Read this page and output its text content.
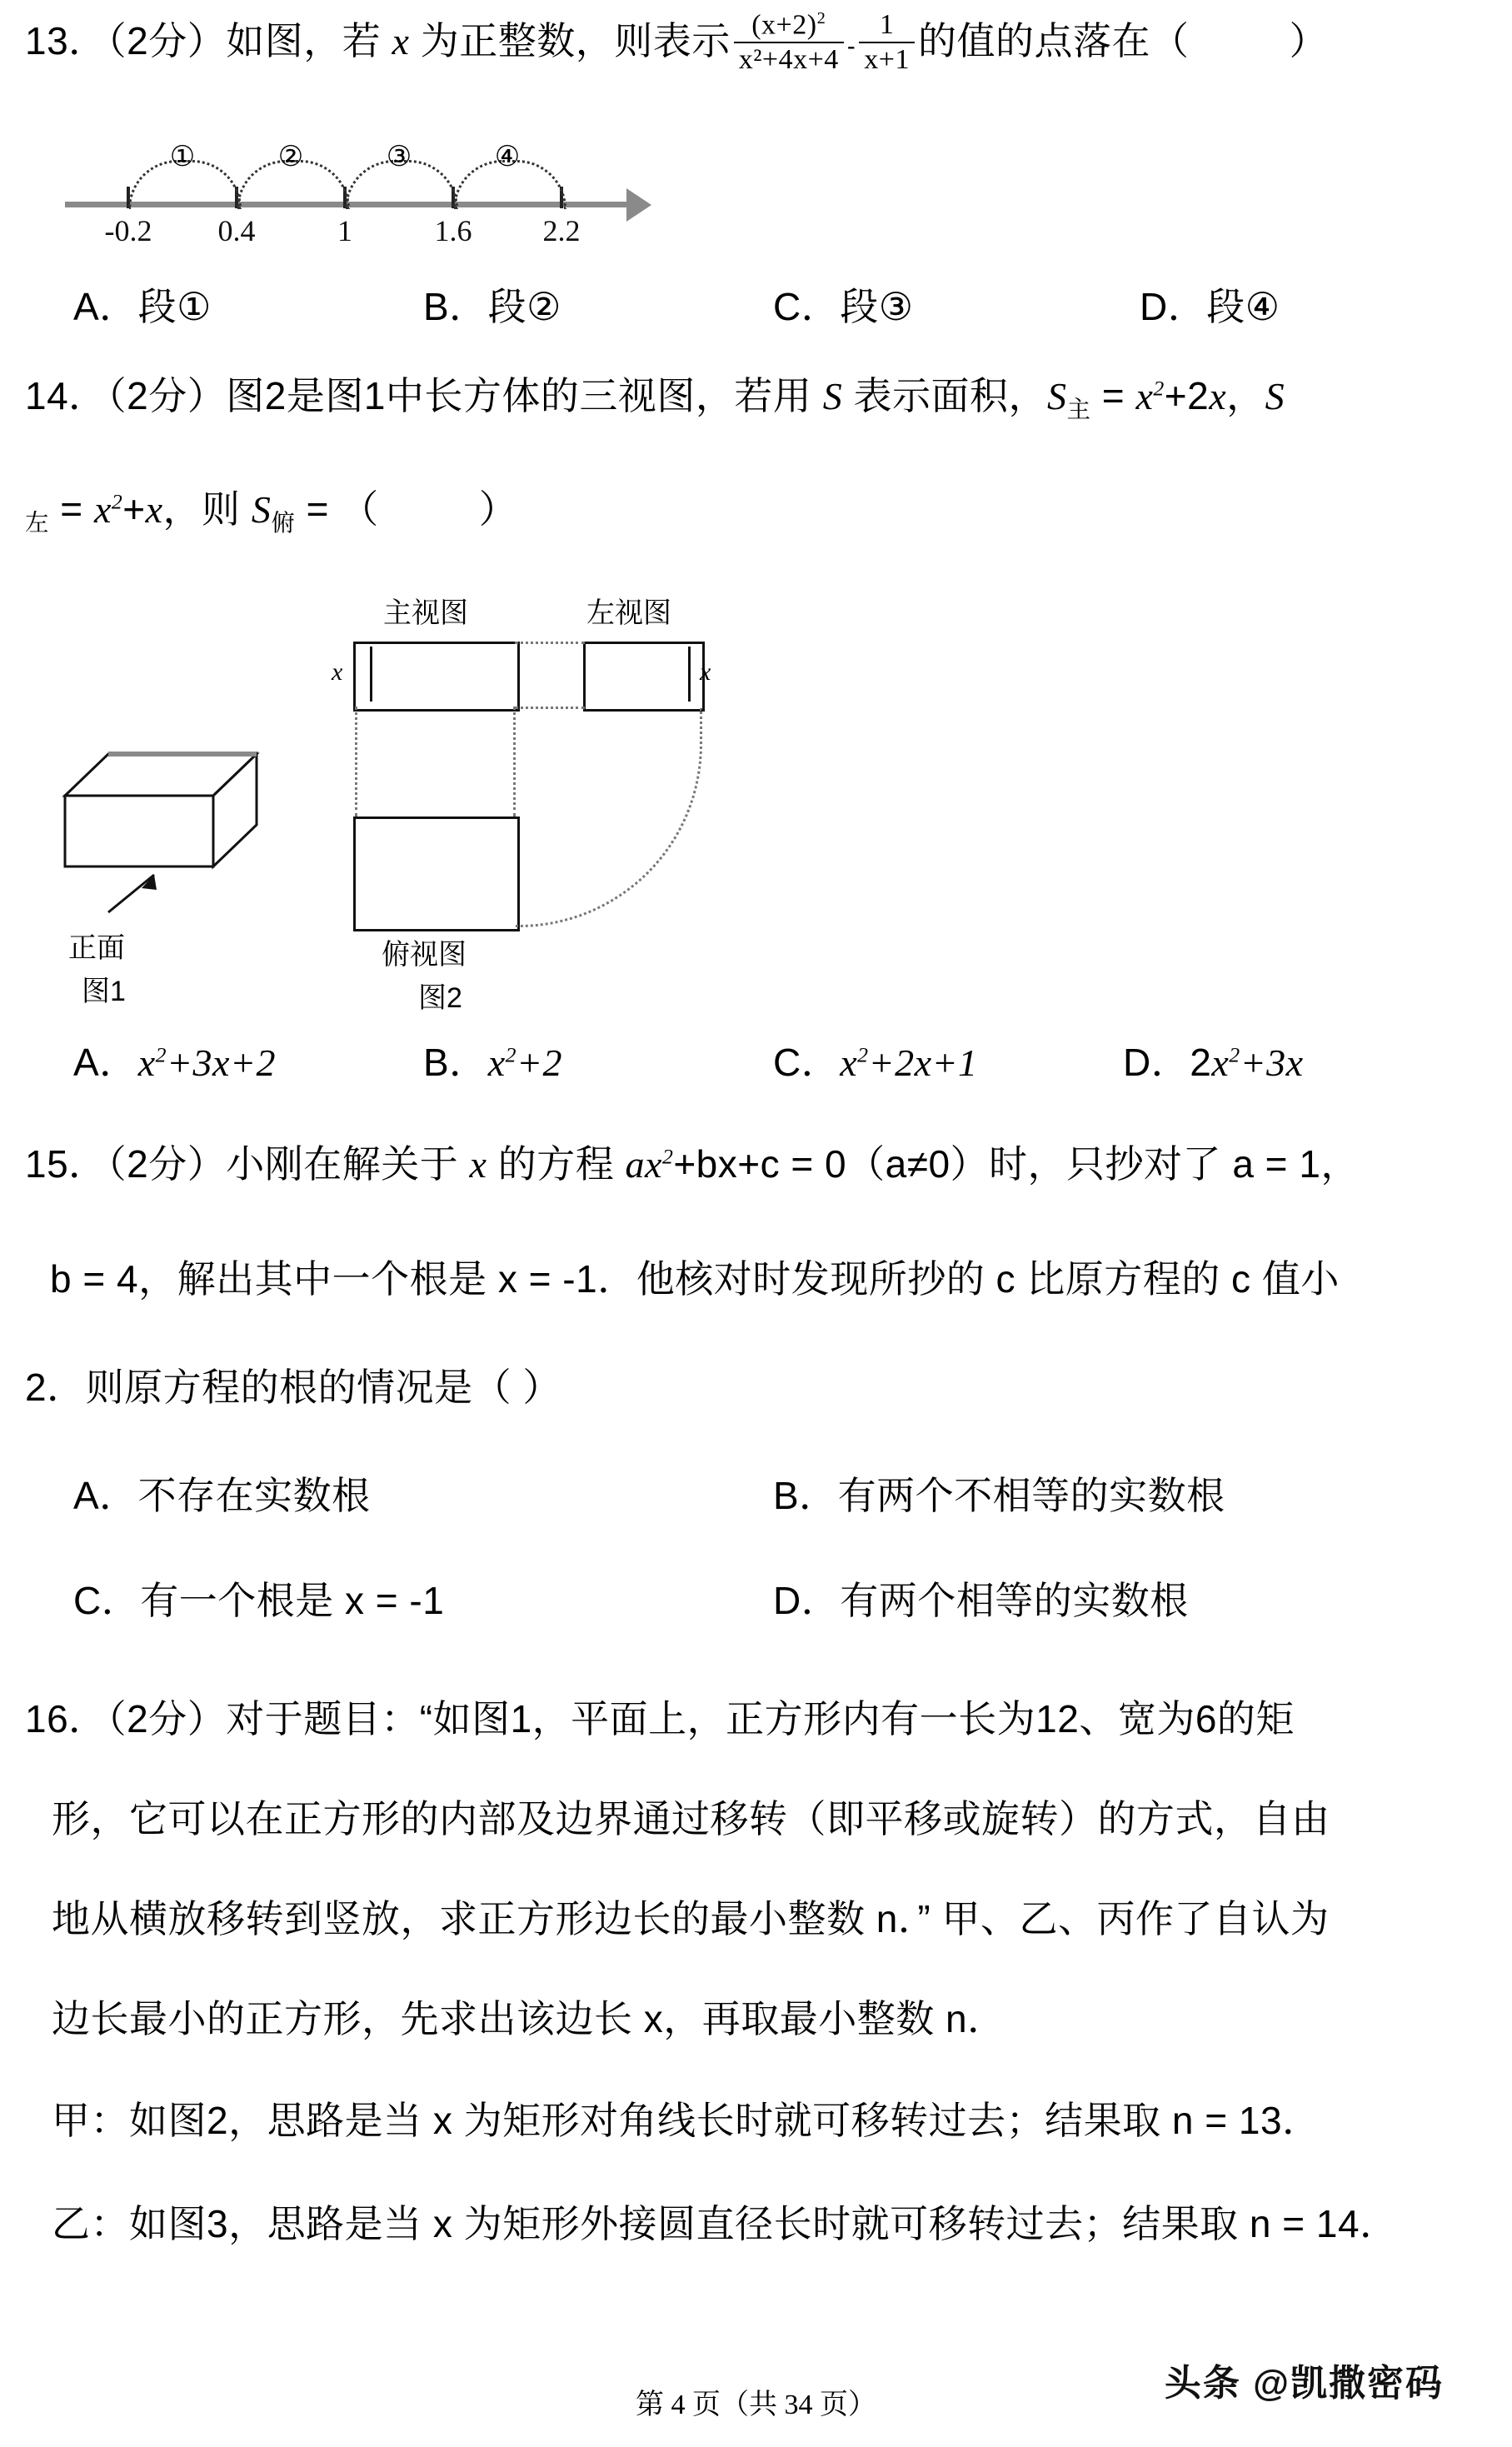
13．（2分）如图，若 x 为正整数，则表示 $\frac{(x+2)^2}{\text{x²+4x+4}} - \frac{1}{x+1}$ 的值的点落在（	）
-0.2 0.4	1	1.6 2.2
①	②	③	④
A．段①	B．段②	C．段③	D．段④
14．（2分）图2是图1中长方体的三视图，若用 S 表示面积，$S_主 = x^2+2x$，S
$_左 = x^2+x$，则 $S_俯$ = （	）
主视图	左视图
俯视图
x	x
正面
图1	图2
A．$x^2+3x+2$	B．$x^2+2$	C．$x^2+2x+1$	D．$2x^2+3x$
15．（2分）小刚在解关于 x 的方程 $ax^2+bx+c = 0(a\ne 0)$时，只抄对了 a = 1，
b = 4，解出其中一个根是 x = -1．他核对时发现所抄的 c 比原方程的 c 值小
2．则原方程的根的情况是（ ）
A．不存在实数根	B．有两个不相等的实数根
C．有一个根是 x = -1	D．有两个相等的实数根
16．（2分）对于题目：“如图1，平面上，正方形内有一长为12、宽为6的矩
形，它可以在正方形的内部及边界通过移转（即平移或旋转）的方式，自由
地从横放移转到竖放，求正方形边长的最小整数 n．” 甲、乙、丙作了自认为
边长最小的正方形，先求出该边长 x，再取最小整数 n．
甲：如图2，思路是当 x 为矩形对角线长时就可移转过去；结果取 n = 13．
乙：如图3，思路是当 x 为矩形外接圆直径长时就可移转过去；结果取 n = 14．
第 4 页（共 34 页）
头条 @凯撒密码
